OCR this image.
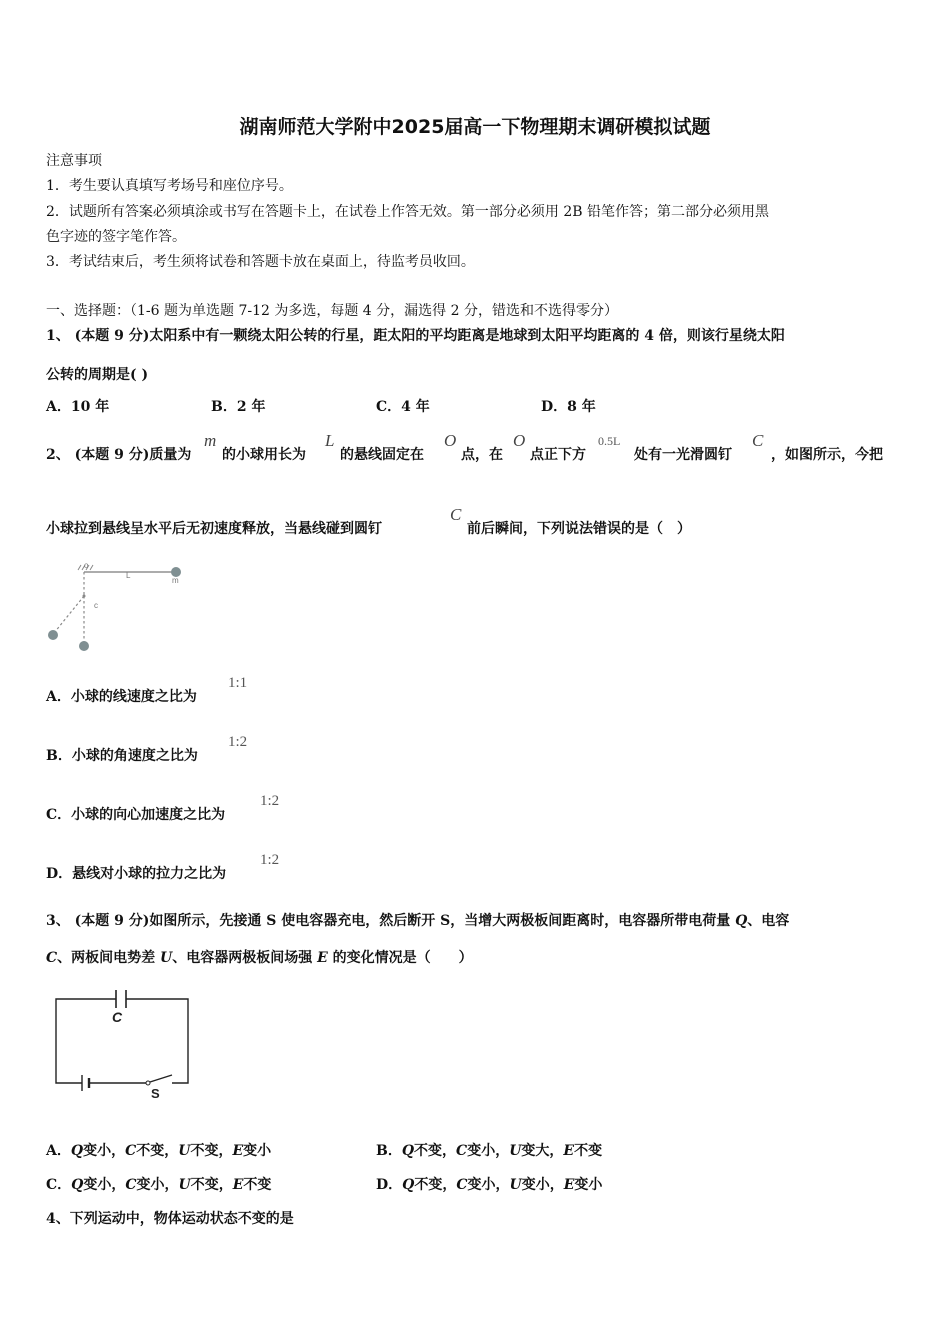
湖南师范大学附中2025届高一下物理期末调研模拟试题
注意事项
1．考生要认真填写考场号和座位序号。
2．试题所有答案必须填涂或书写在答题卡上，在试卷上作答无效。第一部分必须用 2B 铅笔作答；第二部分必须用黑
色字迹的签字笔作答。
3．考试结束后，考生须将试卷和答题卡放在桌面上，待监考员收回。
一、选择题：（1-6 题为单选题 7-12 为多选，每题 4 分，漏选得 2 分，错选和不选得零分）
1、 (本题 9 分)太阳系中有一颗绕太阳公转的行星，距太阳的平均距离是地球到太阳平均距离的 4 倍，则该行星绕太阳
公转的周期是( )
A．10 年	B．2 年	C．4 年	D．8 年
2、 (本题 9 分)质量为
m
的小球用长为
L
的悬线固定在
O
点，在
O
点正下方
0.5L
处有一光滑圆钉
C
，如图所示，今把
小球拉到悬线呈水平后无初速度释放，当悬线碰到圆钉
C
前后瞬间，下列说法错误的是（　）
o
L
m
c
A．小球的线速度之比为
1:1
B．小球的角速度之比为
1:2
C．小球的向心加速度之比为
1:2
D．悬线对小球的拉力之比为
1:2
3、 (本题 9 分)如图所示，先接通 S 使电容器充电，然后断开 S，当增大两极板间距离时，电容器所带电荷量 Q、电容
C、两板间电势差 U、电容器两极板间场强 E 的变化情况是（　　）
C
S
A．Q变小，C不变，U不变，E变小	B．Q不变，C变小，U变大，E不变
C．Q变小，C变小，U不变，E不变	D．Q不变，C变小，U变小，E变小
4、下列运动中，物体运动状态不变的是
